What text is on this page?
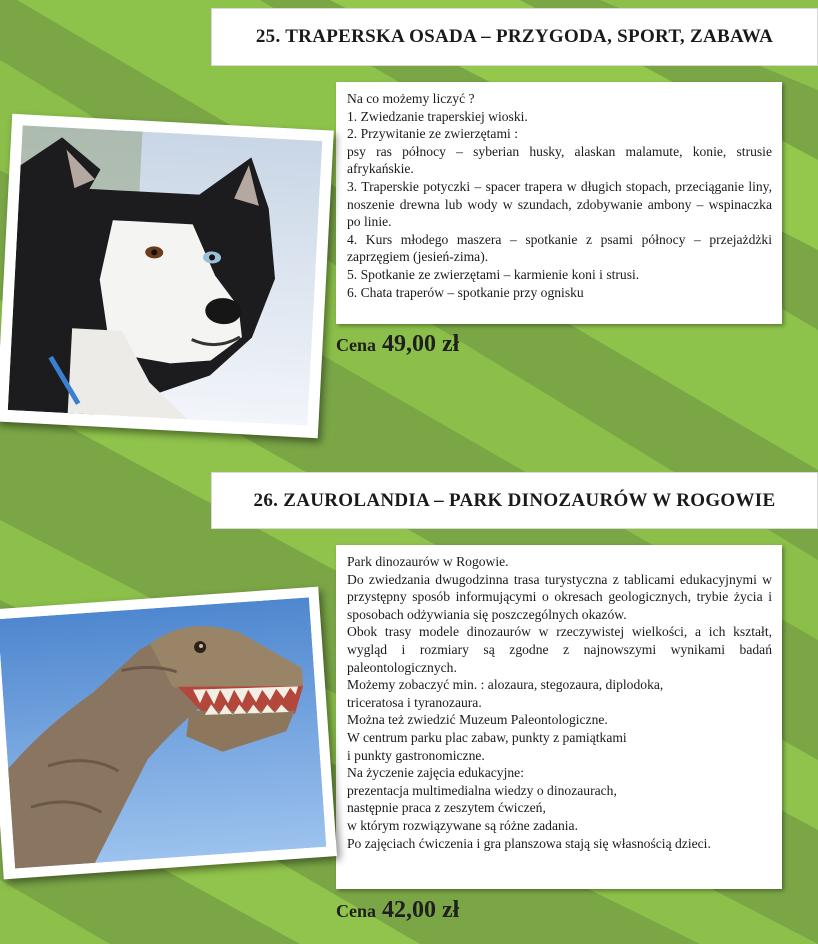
25. TRAPERSKA OSADA – PRZYGODA, SPORT, ZABAWA
Na co możemy liczyć ?
1. Zwiedzanie traperskiej wioski.
2. Przywitanie ze zwierzętami :
psy ras północy – syberian husky, alaskan malamute, konie, strusie afrykańskie.
3. Traperskie potyczki – spacer trapera w długich stopach, przeciąganie liny, noszenie drewna lub wody w szundach, zdobywanie ambony – wspinaczka po linie.
4. Kurs młodego maszera – spotkanie z psami północy – przejażdżki zaprzęgiem (jesień-zima).
5. Spotkanie ze zwierzętami – karmienie koni i strusi.
6. Chata traperów – spotkanie przy ognisku
Cena 49,00 zł
26. ZAUROLANDIA – PARK DINOZAURÓW W ROGOWIE
Park dinozaurów w Rogowie.
Do zwiedzania dwugodzinna trasa turystyczna z tablicami edukacyjnymi w przystępny sposób informującymi o okresach geologicznych, trybie życia i sposobach odżywiania się poszczególnych okazów.
Obok trasy modele dinozaurów w rzeczywistej wielkości, a ich kształt, wygląd i rozmiary są zgodne z najnowszymi wynikami badań paleontologicznych.
Możemy zobaczyć min. : alozaura, stegozaura, diplodoka,
triceratosa i tyranozaura.
Można też zwiedzić Muzeum Paleontologiczne.
W centrum parku plac zabaw, punkty z pamiątkami
i punkty gastronomiczne.
Na życzenie zajęcia edukacyjne:
prezentacja multimedialna wiedzy o dinozaurach,
następnie praca z zeszytem ćwiczeń,
w którym rozwiązywane są różne zadania.
Po zajęciach ćwiczenia i gra planszowa stają się własnością dzieci.
Cena 42,00 zł
